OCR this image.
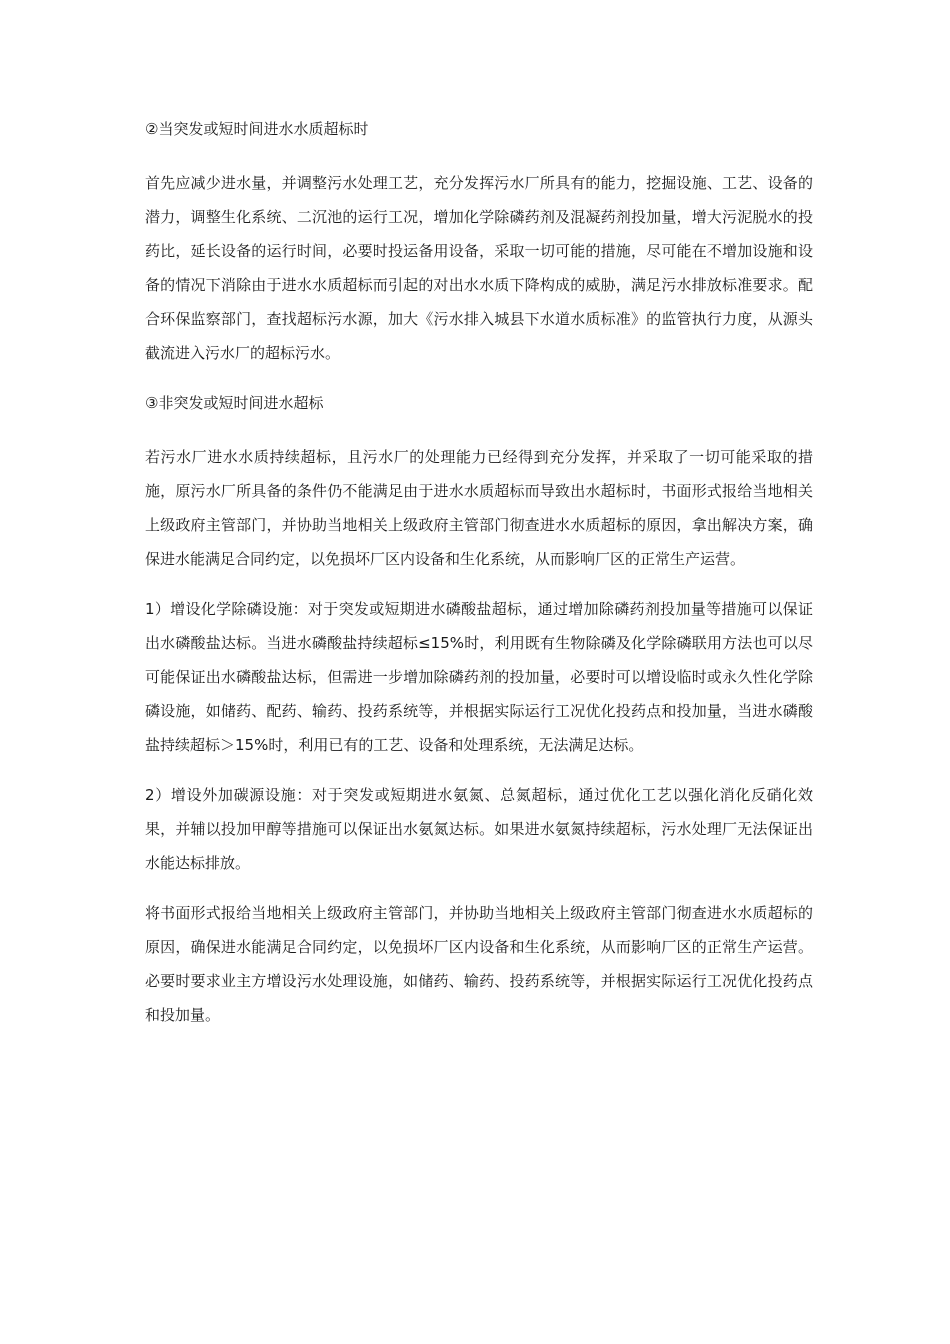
②当突发或短时间进水水质超标时

首先应减少进水量，并调整污水处理工艺，充分发挥污水厂所具有的能力，挖掘设施、工艺、设备的潜力，调整生化系统、二沉池的运行工况，增加化学除磷药剂及混凝药剂投加量，增大污泥脱水的投药比，延长设备的运行时间，必要时投运备用设备，采取一切可能的措施，尽可能在不增加设施和设备的情况下消除由于进水水质超标而引起的对出水水质下降构成的威胁，满足污水排放标准要求。配合环保监察部门，查找超标污水源，加大《污水排入城县下水道水质标准》的监管执行力度，从源头截流进入污水厂的超标污水。

③非突发或短时间进水超标

若污水厂进水水质持续超标，且污水厂的处理能力已经得到充分发挥，并采取了一切可能采取的措施，原污水厂所具备的条件仍不能满足由于进水水质超标而导致出水超标时，书面形式报给当地相关上级政府主管部门，并协助当地相关上级政府主管部门彻查进水水质超标的原因，拿出解决方案，确保进水能满足合同约定，以免损坏厂区内设备和生化系统，从而影响厂区的正常生产运营。

1）增设化学除磷设施：对于突发或短期进水磷酸盐超标，通过增加除磷药剂投加量等措施可以保证出水磷酸盐达标。当进水磷酸盐持续超标≤15%时，利用既有生物除磷及化学除磷联用方法也可以尽可能保证出水磷酸盐达标，但需进一步增加除磷药剂的投加量，必要时可以增设临时或永久性化学除磷设施，如储药、配药、输药、投药系统等，并根据实际运行工况优化投药点和投加量，当进水磷酸盐持续超标＞15%时，利用已有的工艺、设备和处理系统，无法满足达标。

2）增设外加碳源设施：对于突发或短期进水氨氮、总氮超标，通过优化工艺以强化消化反硝化效果，并辅以投加甲醇等措施可以保证出水氨氮达标。如果进水氨氮持续超标，污水处理厂无法保证出水能达标排放。

将书面形式报给当地相关上级政府主管部门，并协助当地相关上级政府主管部门彻查进水水质超标的原因，确保进水能满足合同约定，以免损坏厂区内设备和生化系统，从而影响厂区的正常生产运营。必要时要求业主方增设污水处理设施，如储药、输药、投药系统等，并根据实际运行工况优化投药点和投加量。
